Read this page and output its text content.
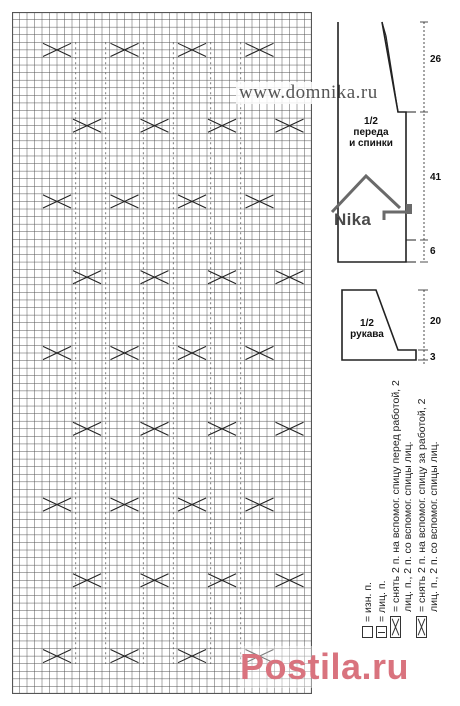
www.domnika.ru
1/2
переда
и спинки
26
41
6
1/2
рукава
20
3
Nika
= изн. п. = лиц. п. = снять 2 п. на вспомог. спицу перед работой, 2 лиц. п., 2 п. со вспомог. спицы лиц. = снять 2 п. на вспомог. спицу за работой, 2 лиц. п., 2 п. со вспомог. спицы лиц.
Postila.ru
